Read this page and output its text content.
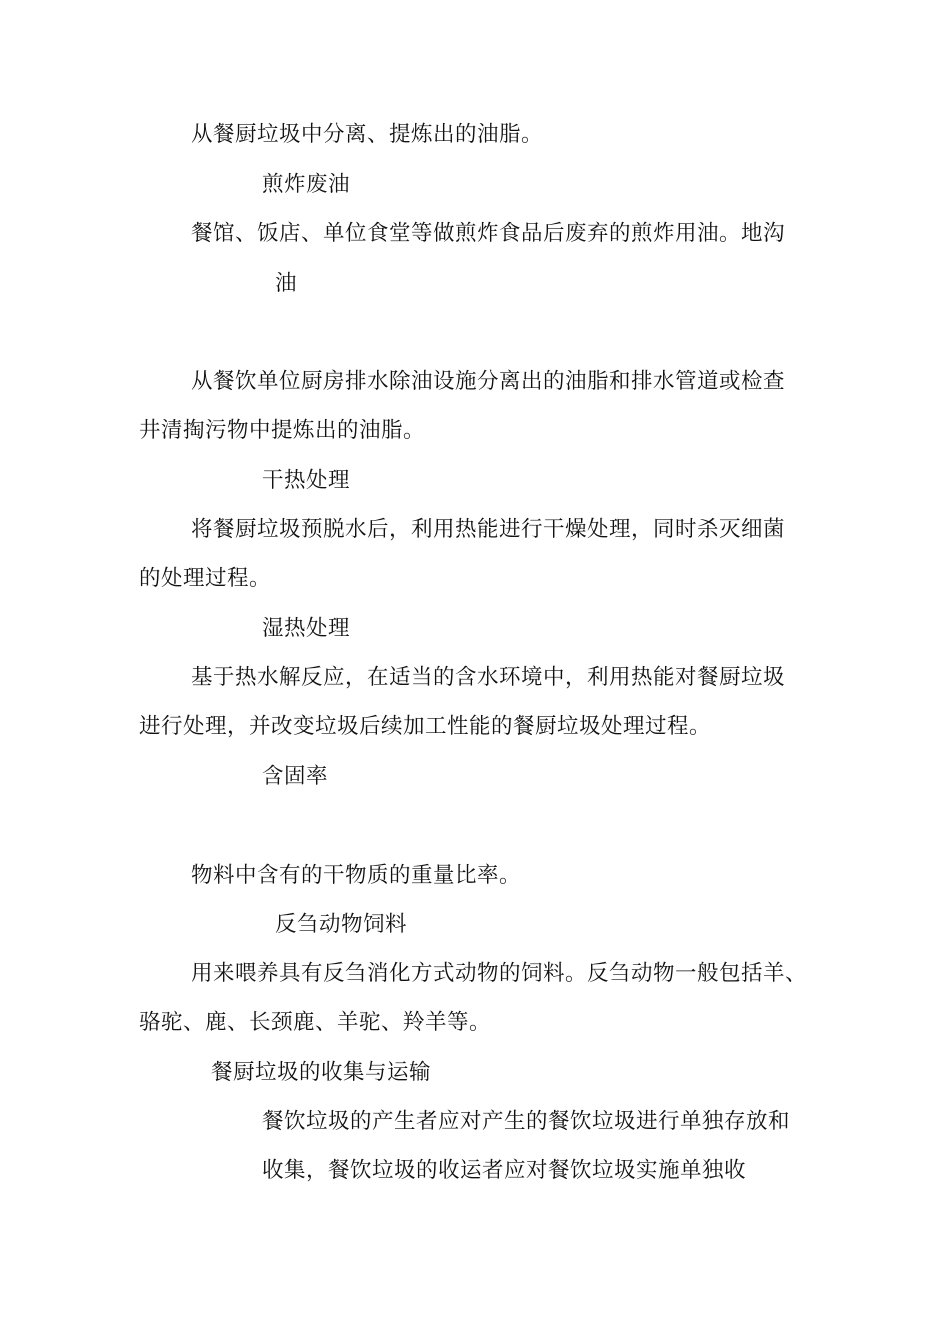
从餐厨垃圾中分离、提炼出的油脂。
煎炸废油
餐馆、饭店、单位食堂等做煎炸食品后废弃的煎炸用油。地沟
油
从餐饮单位厨房排水除油设施分离出的油脂和排水管道或检查
井清掏污物中提炼出的油脂。
干热处理
将餐厨垃圾预脱水后，利用热能进行干燥处理，同时杀灭细菌
的处理过程。
湿热处理
基于热水解反应，在适当的含水环境中，利用热能对餐厨垃圾
进行处理，并改变垃圾后续加工性能的餐厨垃圾处理过程。
含固率
物料中含有的干物质的重量比率。
反刍动物饲料
用来喂养具有反刍消化方式动物的饲料。反刍动物一般包括羊、
骆驼、鹿、长颈鹿、羊驼、羚羊等。
餐厨垃圾的收集与运输
餐饮垃圾的产生者应对产生的餐饮垃圾进行单独存放和
收集，餐饮垃圾的收运者应对餐饮垃圾实施单独收
